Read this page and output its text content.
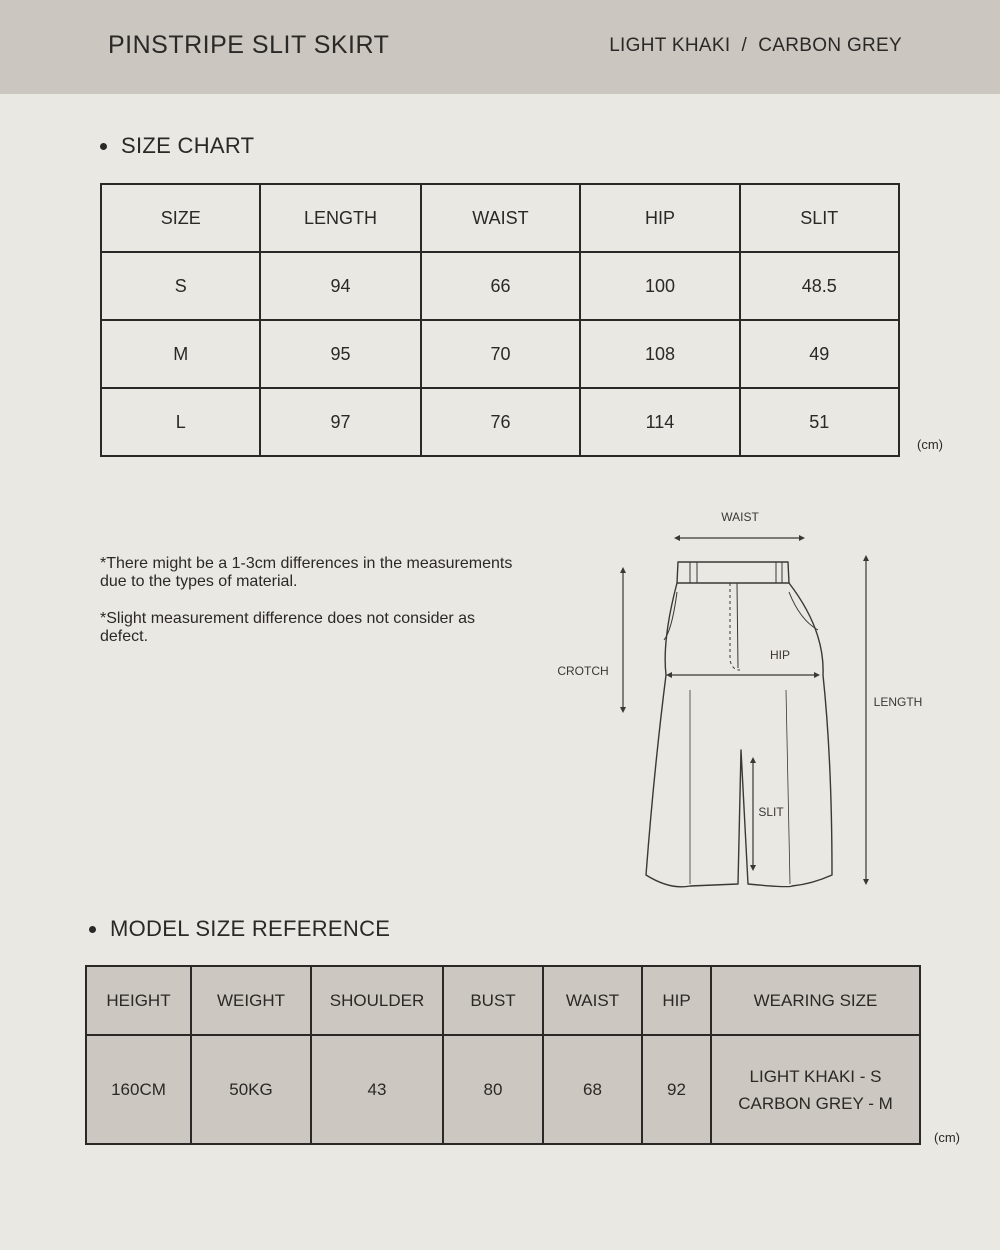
PINSTRIPE SLIT SKIRT	LIGHT KHAKI  /  CARBON GREY
SIZE CHART
SIZE	LENGTH	WAIST	HIP	SLIT
S	94	66	100	48.5
M	95	70	108	49
L	97	76	114	51
(cm)

*There might be a 1-3cm differences in the measurements due to the types of material.

*Slight measurement difference does not consider as defect.

WAIST
HIP
CROTCH
LENGTH
SLIT
MODEL SIZE REFERENCE
HEIGHT	WEIGHT	SHOULDER	BUST	WAIST	HIP	WEARING SIZE
160CM	50KG	43	80	68	92	LIGHT KHAKI - S
CARBON GREY - M
(cm)
